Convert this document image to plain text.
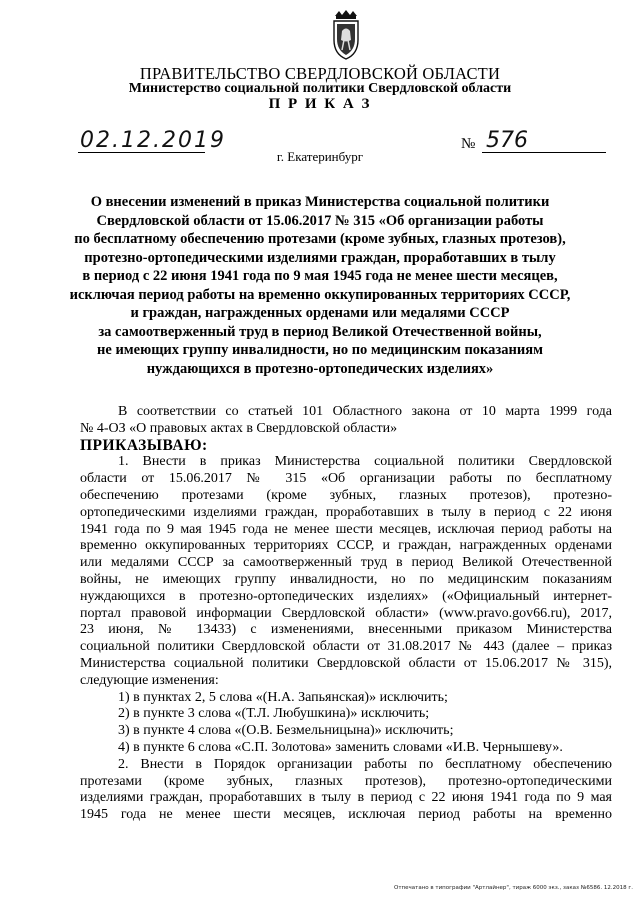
ПРАВИТЕЛЬСТВО СВЕРДЛОВСКОЙ ОБЛАСТИ
Министерство социальной политики Свердловской области
П Р И К А З
02.12.2019	№ 576
г. Екатеринбург
О внесении изменений в приказ Министерства социальной политики
Свердловской области от 15.06.2017 № 315 «Об организации работы
по бесплатному обеспечению протезами (кроме зубных, глазных протезов),
протезно-ортопедическими изделиями граждан, проработавших в тылу
в период с 22 июня 1941 года по 9 мая 1945 года не менее шести месяцев,
исключая период работы на временно оккупированных территориях СССР,
и граждан, награжденных орденами или медалями СССР
за самоотверженный труд в период Великой Отечественной войны,
не имеющих группу инвалидности, но по медицинским показаниям
нуждающихся в протезно-ортопедических изделиях»
В соответствии со статьей 101 Областного закона от 10 марта 1999 года
№ 4-ОЗ «О правовых актах в Свердловской области»
ПРИКАЗЫВАЮ:
1. Внести в приказ Министерства социальной политики Свердловской
области от 15.06.2017 № 315 «Об организации работы по бесплатному
обеспечению протезами (кроме зубных, глазных протезов), протезно-
ортопедическими изделиями граждан, проработавших в тылу в период с 22 июня
1941 года по 9 мая 1945 года не менее шести месяцев, исключая период работы на
временно оккупированных территориях СССР, и граждан, награжденных орденами
или медалями СССР за самоотверженный труд в период Великой Отечественной
войны, не имеющих группу инвалидности, но по медицинским показаниям
нуждающихся в протезно-ортопедических изделиях» («Официальный интернет-
портал правовой информации Свердловской области» (www.pravo.gov66.ru), 2017,
23 июня, № 13433) с изменениями, внесенными приказом Министерства
социальной политики Свердловской области от 31.08.2017 № 443 (далее – приказ
Министерства социальной политики Свердловской области от 15.06.2017 № 315),
следующие изменения:
1) в пунктах 2, 5 слова «(Н.А. Запьянская)» исключить;
2) в пункте 3 слова «(Т.Л. Любушкина)» исключить;
3) в пункте 4 слова «(О.В. Безмельницына)» исключить;
4) в пункте 6 слова «С.П. Золотова» заменить словами «И.В. Чернышеву».
2. Внести в Порядок организации работы по бесплатному обеспечению
протезами (кроме зубных, глазных протезов), протезно-ортопедическими
изделиями граждан, проработавших в тылу в период с 22 июня 1941 года по 9 мая
1945 года не менее шести месяцев, исключая период работы на временно
Отпечатано в типографии "Артлайнер", тираж 6000 экз., заказ №6586. 12.2018 г.
